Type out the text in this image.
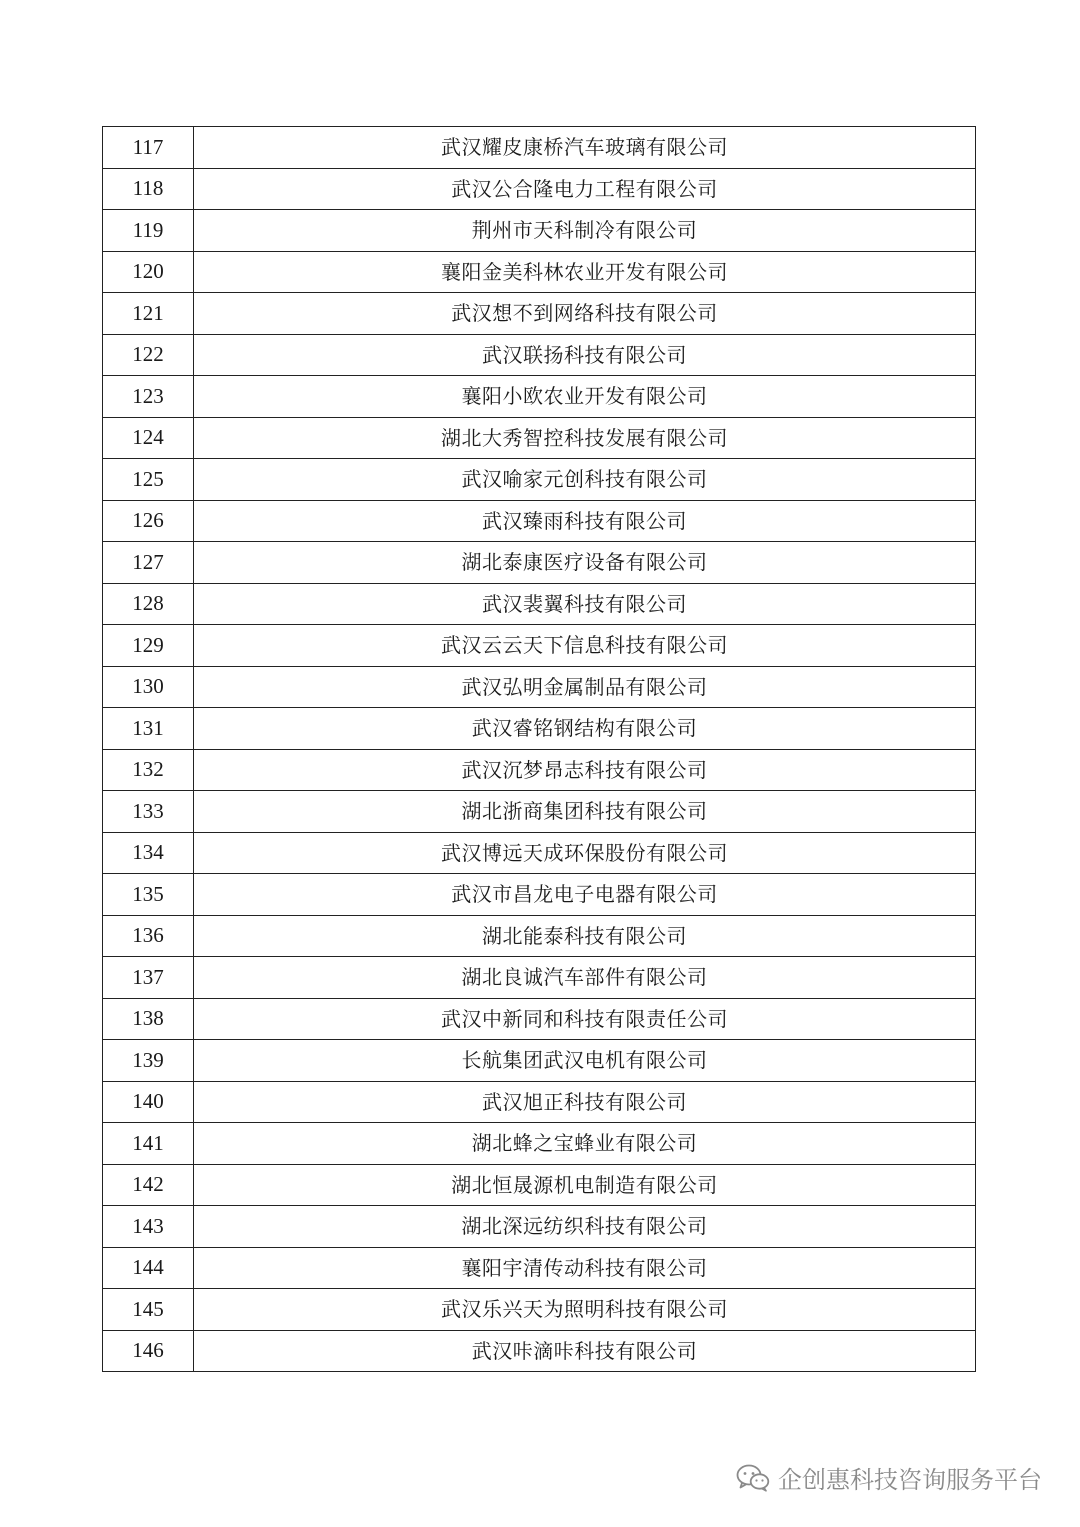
117	武汉耀皮康桥汽车玻璃有限公司
118	武汉公合隆电力工程有限公司
119	荆州市天科制冷有限公司
120	襄阳金美科林农业开发有限公司
121	武汉想不到网络科技有限公司
122	武汉联扬科技有限公司
123	襄阳小欧农业开发有限公司
124	湖北大秀智控科技发展有限公司
125	武汉喻家元创科技有限公司
126	武汉臻雨科技有限公司
127	湖北泰康医疗设备有限公司
128	武汉裴翼科技有限公司
129	武汉云云天下信息科技有限公司
130	武汉弘明金属制品有限公司
131	武汉睿铭钢结构有限公司
132	武汉沉梦昂志科技有限公司
133	湖北浙商集团科技有限公司
134	武汉博远天成环保股份有限公司
135	武汉市昌龙电子电器有限公司
136	湖北能泰科技有限公司
137	湖北良诚汽车部件有限公司
138	武汉中新同和科技有限责任公司
139	长航集团武汉电机有限公司
140	武汉旭正科技有限公司
141	湖北蜂之宝蜂业有限公司
142	湖北恒晟源机电制造有限公司
143	湖北深远纺织科技有限公司
144	襄阳宇清传动科技有限公司
145	武汉乐兴天为照明科技有限公司
146	武汉咔滴咔科技有限公司
企创惠科技咨询服务平台
